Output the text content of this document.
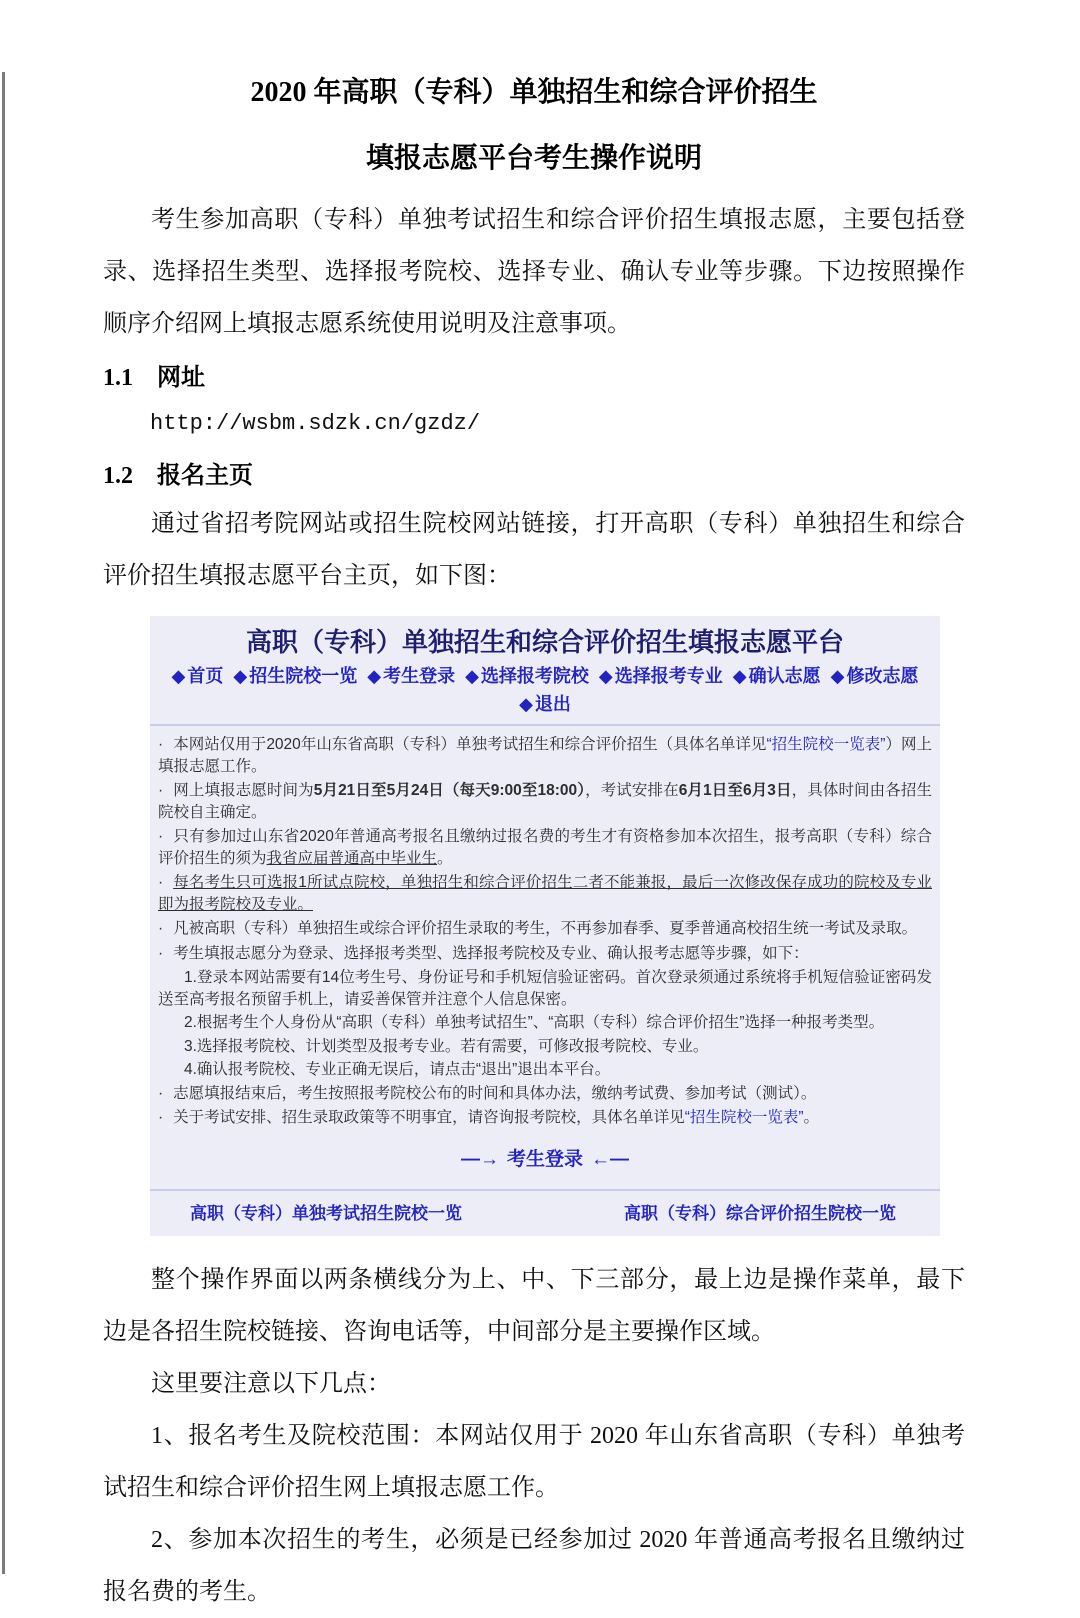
2020 年高职（专科）单独招生和综合评价招生
填报志愿平台考生操作说明

考生参加高职（专科）单独考试招生和综合评价招生填报志愿，主要包括登录、选择招生类型、选择报考院校、选择专业、确认专业等步骤。下边按照操作顺序介绍网上填报志愿系统使用说明及注意事项。

1.1 网址
http://wsbm.sdzk.cn/gzdz/
1.2 报名主页

通过省招考院网站或招生院校网站链接，打开高职（专科）单独招生和综合评价招生填报志愿平台主页，如下图：

高职（专科）单独招生和综合评价招生填报志愿平台
◆ 首页 ◆ 招生院校一览 ◆ 考生登录 ◆ 选择报考院校 ◆ 选择报考专业 ◆ 确认志愿 ◆ 修改志愿◆ 退出
· 本网站仅用于2020年山东省高职（专科）单独考试招生和综合评价招生（具体名单详见“招生院校一览表”）网上填报志愿工作。
· 网上填报志愿时间为5月21日至5月24日（每天9:00至18:00），考试安排在6月1日至6月3日，具体时间由各招生院校自主确定。
· 只有参加过山东省2020年普通高考报名且缴纳过报名费的考生才有资格参加本次招生，报考高职（专科）综合评价招生的须为我省应届普通高中毕业生。
· 每名考生只可选报1所试点院校，单独招生和综合评价招生二者不能兼报，最后一次修改保存成功的院校及专业即为报考院校及专业。
· 凡被高职（专科）单独招生或综合评价招生录取的考生，不再参加春季、夏季普通高校招生统一考试及录取。
· 考生填报志愿分为登录、选择报考类型、选择报考院校及专业、确认报考志愿等步骤，如下：
1.登录本网站需要有14位考生号、身份证号和手机短信验证密码。首次登录须通过系统将手机短信验证密码发送至高考报名预留手机上，请妥善保管并注意个人信息保密。
2.根据考生个人身份从“高职（专科）单独考试招生”、“高职（专科）综合评价招生”选择一种报考类型。
3.选择报考院校、计划类型及报考专业。若有需要，可修改报考院校、专业。
4.确认报考院校、专业正确无误后，请点击“退出”退出本平台。
· 志愿填报结束后，考生按照报考院校公布的时间和具体办法，缴纳考试费、参加考试（测试）。
· 关于考试安排、招生录取政策等不明事宜，请咨询报考院校，具体名单详见“招生院校一览表”。
—→ 考生登录 ←—
高职（专科）单独考试招生院校一览	高职（专科）综合评价招生院校一览

整个操作界面以两条横线分为上、中、下三部分，最上边是操作菜单，最下边是各招生院校链接、咨询电话等，中间部分是主要操作区域。

这里要注意以下几点：

1、报名考生及院校范围：本网站仅用于 2020 年山东省高职（专科）单独考试招生和综合评价招生网上填报志愿工作。

2、参加本次招生的考生，必须是已经参加过 2020 年普通高考报名且缴纳过报名费的考生。
